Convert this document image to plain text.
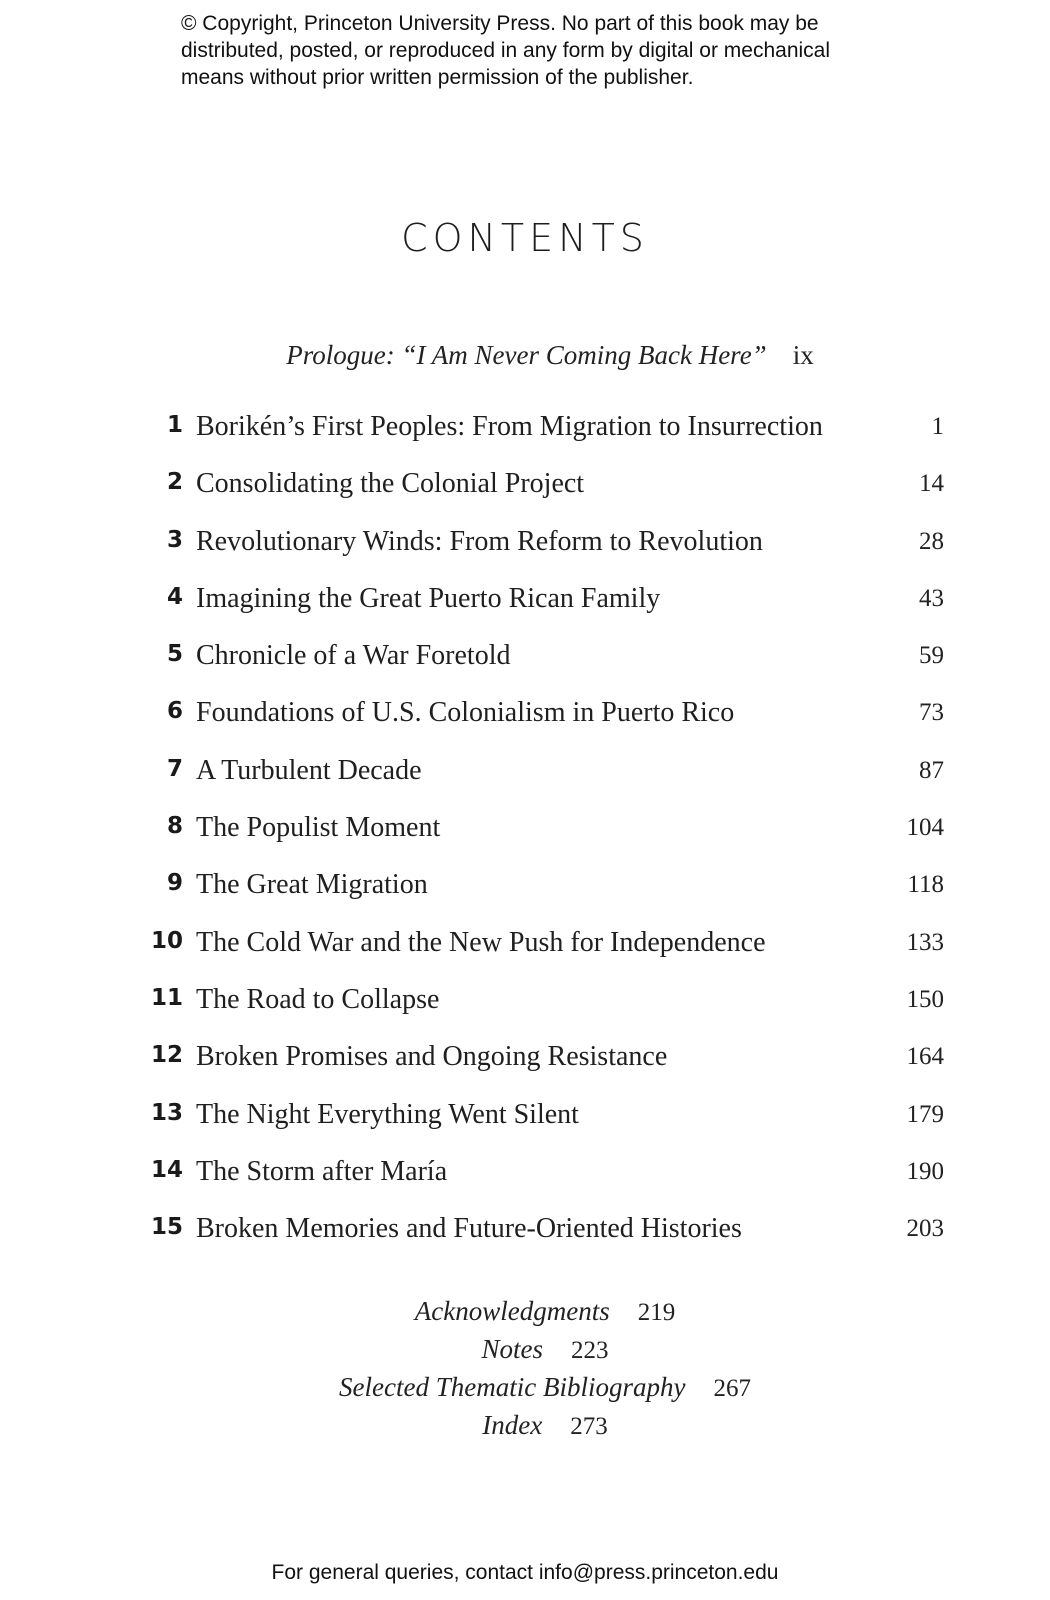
© Copyright, Princeton University Press. No part of this book may be
distributed, posted, or reproduced in any form by digital or mechanical
means without prior written permission of the publisher.
CONTENTS
Prologue: “I Am Never Coming Back Here” ix
1 Borikén’s First Peoples: From Migration to Insurrection	1
2 Consolidating the Colonial Project	14
3 Revolutionary Winds: From Reform to Revolution	28
4 Imagining the Great Puerto Rican Family	43
5 Chronicle of a War Foretold	59
6 Foundations of U.S. Colonialism in Puerto Rico	73
7 A Turbulent Decade	87
8 The Populist Moment	104
9 The Great Migration	118
10 The Cold War and the New Push for Independence	133
11 The Road to Collapse	150
12 Broken Promises and Ongoing Resistance	164
13 The Night Everything Went Silent	179
14 The Storm after María	190
15 Broken Memories and Future-Oriented Histories	203
Acknowledgments 219
Notes 223
Selected Thematic Bibliography 267
Index 273
For general queries, contact info@press.princeton.edu
